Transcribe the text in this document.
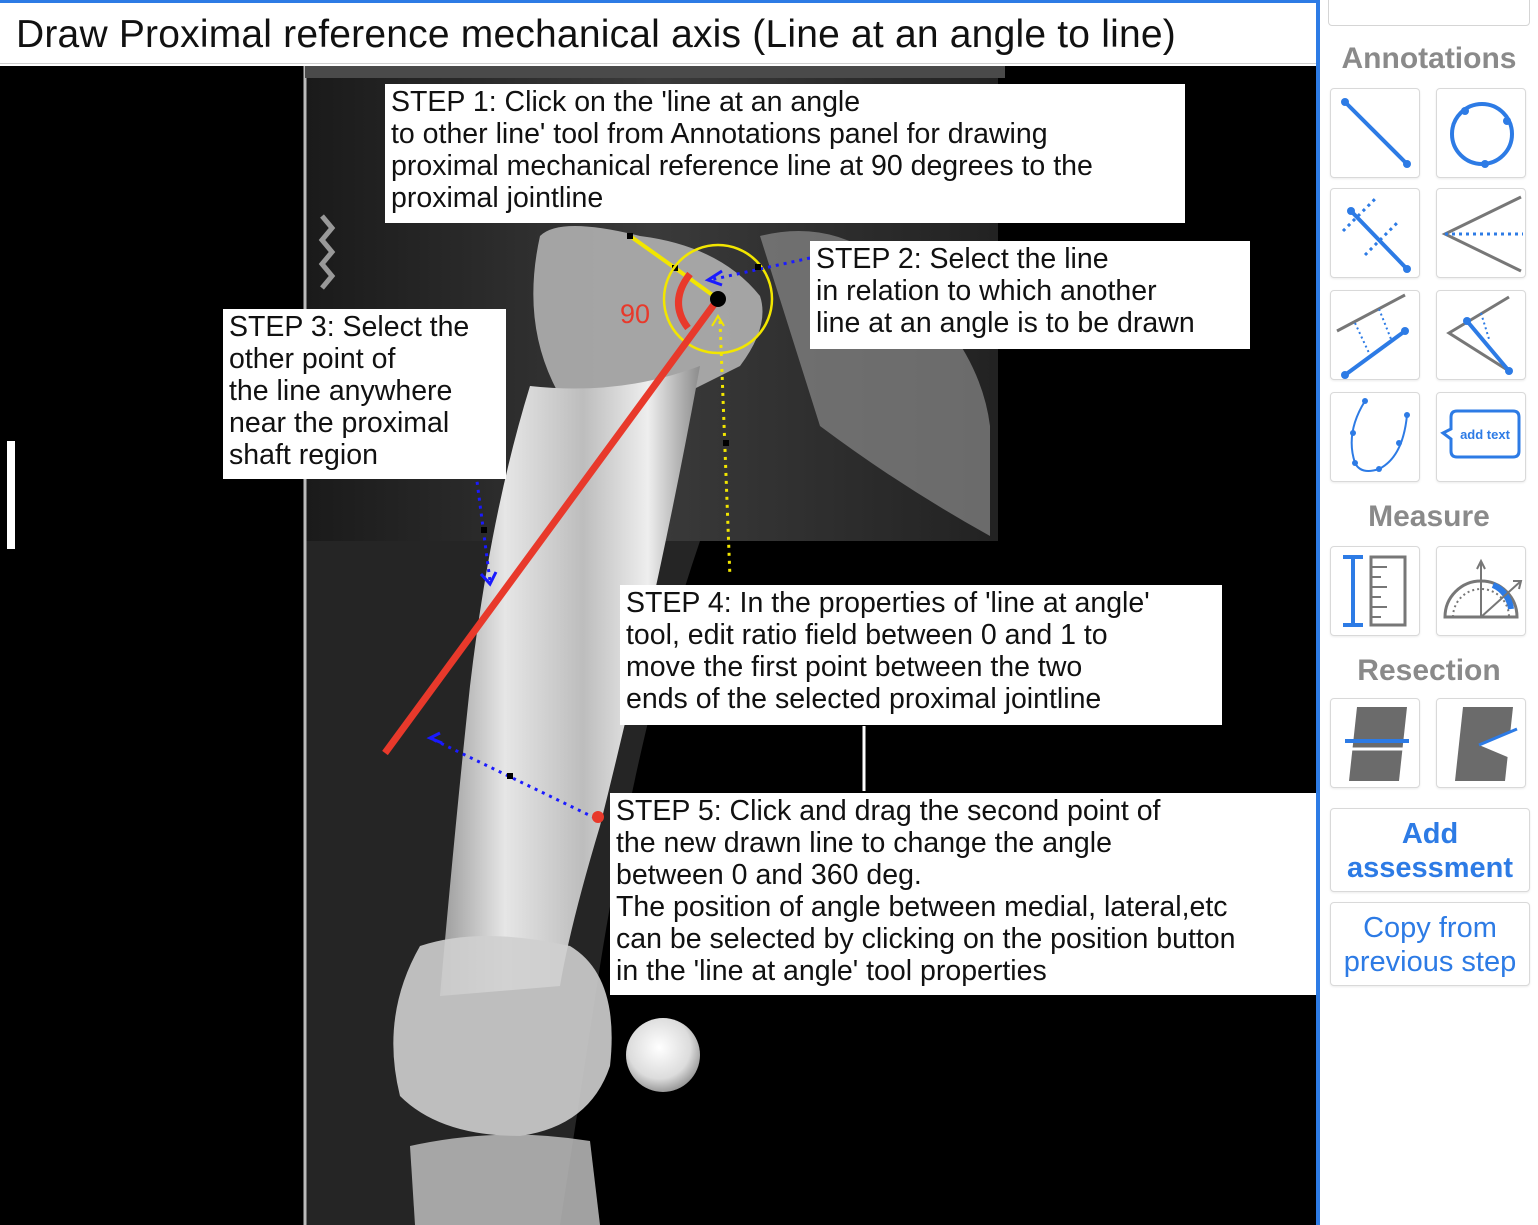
Draw Proximal reference mechanical axis (Line at an angle to line)
90
STEP 1: Click on the 'line at an angle
to other line' tool from Annotations panel for drawing
proximal mechanical reference line at 90 degrees to the
proximal jointline
STEP 2: Select the line
in relation to which another
line at an angle is to be drawn
STEP 3: Select the
other point of
the line anywhere
near the proximal
shaft region
STEP 4: In the properties of 'line at angle'
tool, edit ratio field between 0 and 1 to
move the first point between the two
ends of the selected proximal jointline
STEP 5: Click and drag the second point of
the new drawn line to change the angle
between 0 and 360 deg.
The position of angle between medial, lateral,etc
can be selected by clicking on the position button
in the 'line at angle' tool properties
Annotations
add text
Measure
Resection
Add
assessment
Copy from
previous step
